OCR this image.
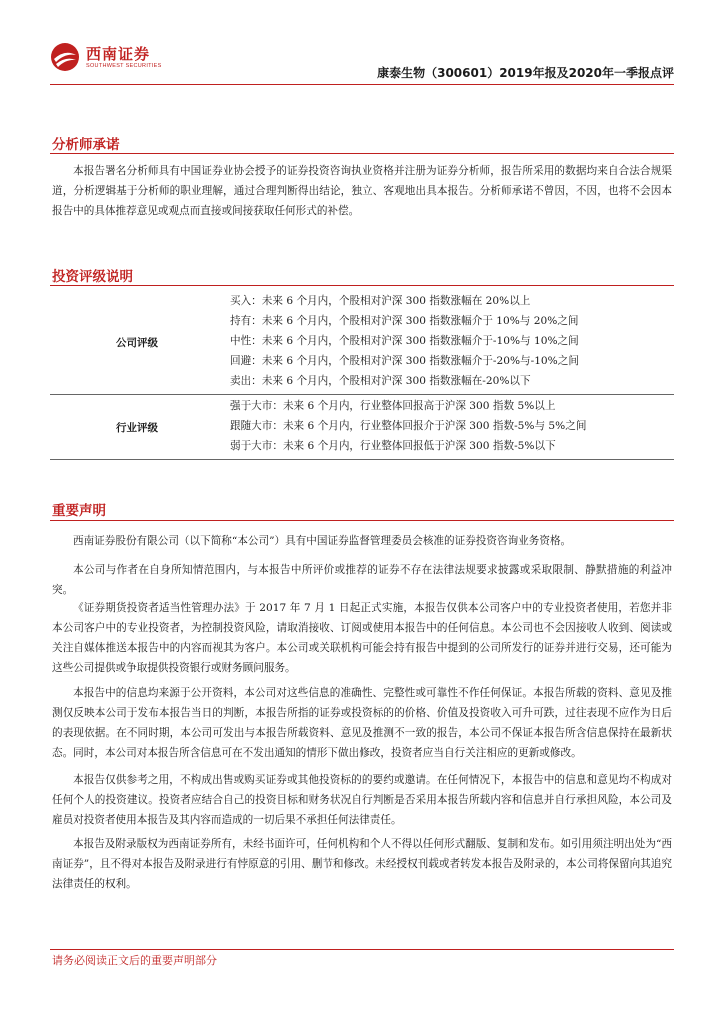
西南证券
SOUTHWEST SECURITIES
康泰生物（300601）2019年报及2020年一季报点评
分析师承诺

本报告署名分析师具有中国证券业协会授予的证券投资咨询执业资格并注册为证券分析师，报告所采用的数据均来自合法合规渠道，分析逻辑基于分析师的职业理解，通过合理判断得出结论，独立、客观地出具本报告。分析师承诺不曾因，不因，也将不会因本报告中的具体推荐意见或观点而直接或间接获取任何形式的补偿。

投资评级说明
公司评级
买入：未来 6 个月内，个股相对沪深 300 指数涨幅在 20%以上
持有：未来 6 个月内，个股相对沪深 300 指数涨幅介于 10%与 20%之间
中性：未来 6 个月内，个股相对沪深 300 指数涨幅介于-10%与 10%之间
回避：未来 6 个月内，个股相对沪深 300 指数涨幅介于-20%与-10%之间
卖出：未来 6 个月内，个股相对沪深 300 指数涨幅在-20%以下
行业评级
强于大市：未来 6 个月内，行业整体回报高于沪深 300 指数 5%以上
跟随大市：未来 6 个月内，行业整体回报介于沪深 300 指数-5%与 5%之间
弱于大市：未来 6 个月内，行业整体回报低于沪深 300 指数-5%以下
重要声明

西南证券股份有限公司（以下简称“本公司”）具有中国证券监督管理委员会核准的证券投资咨询业务资格。

本公司与作者在自身所知情范围内，与本报告中所评价或推荐的证券不存在法律法规要求披露或采取限制、静默措施的利益冲突。

《证券期货投资者适当性管理办法》于 2017 年 7 月 1 日起正式实施，本报告仅供本公司客户中的专业投资者使用，若您并非本公司客户中的专业投资者，为控制投资风险，请取消接收、订阅或使用本报告中的任何信息。本公司也不会因接收人收到、阅读或关注自媒体推送本报告中的内容而视其为客户。本公司或关联机构可能会持有报告中提到的公司所发行的证券并进行交易，还可能为这些公司提供或争取提供投资银行或财务顾问服务。

本报告中的信息均来源于公开资料，本公司对这些信息的准确性、完整性或可靠性不作任何保证。本报告所载的资料、意见及推测仅反映本公司于发布本报告当日的判断，本报告所指的证券或投资标的的价格、价值及投资收入可升可跌，过往表现不应作为日后的表现依据。在不同时期，本公司可发出与本报告所载资料、意见及推测不一致的报告，本公司不保证本报告所含信息保持在最新状态。同时，本公司对本报告所含信息可在不发出通知的情形下做出修改，投资者应当自行关注相应的更新或修改。

本报告仅供参考之用，不构成出售或购买证券或其他投资标的的要约或邀请。在任何情况下，本报告中的信息和意见均不构成对任何个人的投资建议。投资者应结合自己的投资目标和财务状况自行判断是否采用本报告所载内容和信息并自行承担风险，本公司及雇员对投资者使用本报告及其内容而造成的一切后果不承担任何法律责任。

本报告及附录版权为西南证券所有，未经书面许可，任何机构和个人不得以任何形式翻版、复制和发布。如引用须注明出处为“西南证券”，且不得对本报告及附录进行有悖原意的引用、删节和修改。未经授权刊载或者转发本报告及附录的，本公司将保留向其追究法律责任的权利。

请务必阅读正文后的重要声明部分
